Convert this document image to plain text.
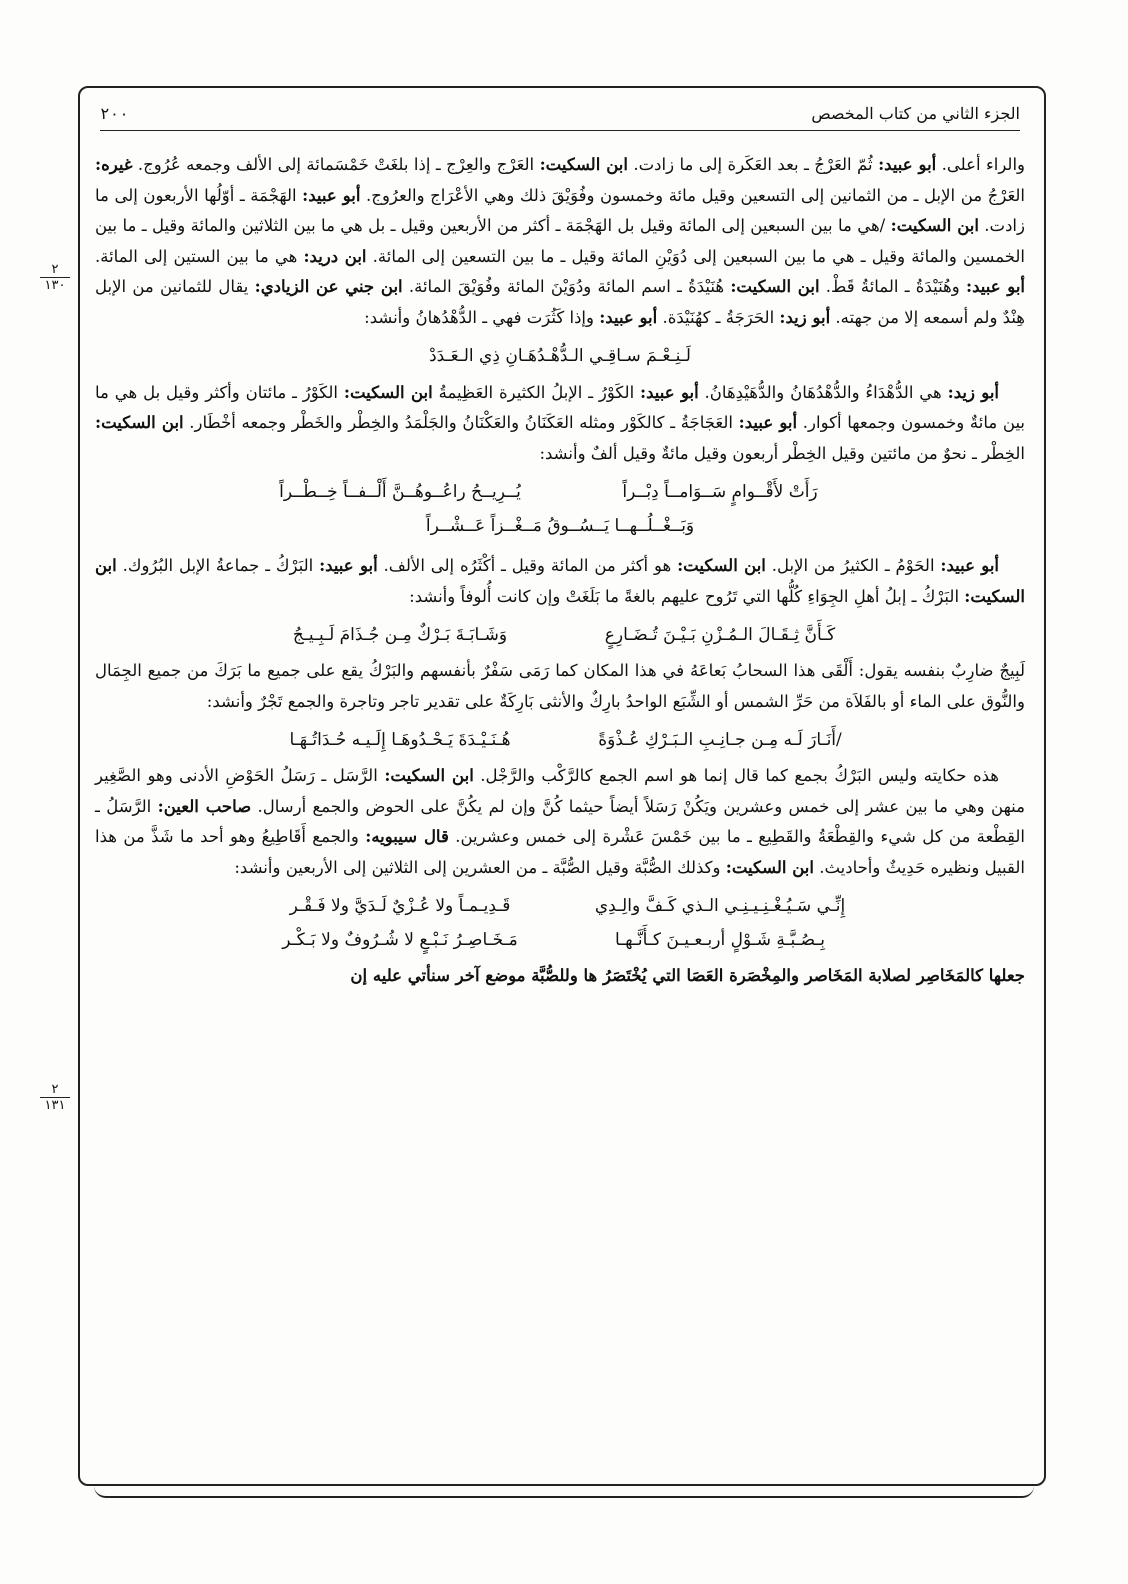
٢٠٠	الجزء الثاني من كتاب المخصص
٢
١٣٠
٢
١٣١

والراء أعلى. أبو عبيد: ثُمّ العَرْجُ ـ بعد العَكَرة إلى ما زادت. ابن السكيت: العَرْج والعِرْج ـ إذا بلغَتْ خَمْسَمائة إلى الألف وجمعه عُرُوج. غيره: العَرْجُ من الإبل ـ من الثمانين إلى التسعين وقيل مائة وخمسون وفُوَيْقَ ذلك وهي الأعْرَاج والعرُوج. أبو عبيد: الهَجْمَة ـ أوّلُها الأربعون إلى ما زادت. ابن السكيت: /هي ما بين السبعين إلى المائة وقيل بل الهَجْمَة ـ أكثر من الأربعين وقيل ـ بل هي ما بين الثلاثين والمائة وقيل ـ ما بين الخمسين والمائة وقيل ـ هي ما بين السبعين إلى دُوَيْنِ المائة وقيل ـ ما بين التسعين إلى المائة. ابن دريد: هي ما بين الستين إلى المائة. أبو عبيد: وهُنَيْدَةُ ـ المائةُ قَطْ. ابن السكيت: هُنَيْدَةُ ـ اسم المائة ودُوَيْنَ المائة وفُوَيْقَ المائة. ابن جني عن الزيادي: يقال للثمانين من الإبل هِنْدٌ ولم أسمعه إلا من جهته. أبو زيد: الحَرَجَةُ ـ كهُنَيْدَة. أبو عبيد: وإذا كَثُرَت فهي ـ الدُّهْدُهانُ وأنشد:

لَـنِـعْـمَ سـاقِـي الـدُّهْـدُهَـانِ ذِي الـعَـدَدْ

أبو زيد: هي الدُّهْدَاءُ والدُّهْدُهَانُ والدُّهَيْدِهَانُ. أبو عبيد: الكَوْرُ ـ الإبلُ الكثيرة العَظِيمةُ ابن السكيت: الكَوْرُ ـ مائتان وأكثر وقيل بل هي ما بين مائةٌ وخمسون وجمعها أكوار. أبو عبيد: العَجَاجَةُ ـ كالكَوْر ومثله العَكَنَانُ والعَكْنَانُ والجَلْمَدُ والخِطْر والخَطْر وجمعه أخْطَار. ابن السكيت: الخِطْر ـ نحوٌ من مائتين وقيل الخِطْر أربعون وقيل مائةٌ وقيل ألفٌ وأنشد:

رَأَتْ لأَقْــوامٍ سَــوَامــاً دِبْــراً
يُــرِيــحُ راعُــوهُــنَّ أَلْــفــاً خِــطْــراً
وَبَــغْــلُــهــا يَــسُــوقُ مَــغْــزاً عَــشْــراً

أبو عبيد: الحَوْمُ ـ الكثيرُ من الإبل. ابن السكيت: هو أكثر من المائة وقيل ـ أكْثَرُه إلى الألف. أبو عبيد: البَرْكُ ـ جماعةُ الإبل البُرُوك. ابن السكيت: البَرْكُ ـ إبلُ أهلِ الجِوَاءِ كُلُّها التي تَرُوح عليهم بالغةً ما بَلَغَتْ وإن كانت أُلوفاً وأنشد:

كَـأَنَّ ثِـقَـالَ الـمُـزْنِ بَـيْـنَ تُـضَـارِعٍ
وَشَـابَـةَ بَـرْكٌ مِـن جُـذَامَ لَـبِـيـجُ

لَبِيجٌ ضارِبٌ بنفسه يقول: أَلْقَى هذا السحابُ بَعاعَهُ في هذا المكان كما رَمَى سَفْرٌ بأنفسهم والبَرْكُ يقع على جميع ما بَرَكَ من جميع الجِمَال والنُّوق على الماء أو بالفَلاَة من حَرِّ الشمس أو الشِّبَع الواحدُ بارِكٌ والأنثى بَارِكَةٌ على تقدير تاجر وتاجرة والجمع تَجْرٌ وأنشد:

/أَنَـارَ لَـه مِـن جـانِـبِ الـبَـرْكِ عُـذْوَةً
هُـنَـيْـدَةَ يَـحْـدُوهَـا إِلَـيـه حُـدَاتُـهَـا

هذه حكايته وليس البَرْكُ بجمع كما قال إنما هو اسم الجمع كالرَّكْب والرَّجْل. ابن السكيت: الرَّسَل ـ رَسَلُ الحَوْضِ الأدنى وهو الصَّغِير منهن وهي ما بين عشر إلى خمس وعشرين ويَكُنْ رَسَلاً أيضاً حيثما كُنَّ وإن لم يكُنَّ على الحوض والجمع أرسال. صاحب العين: الرَّسَلُ ـ القِطْعة من كل شيء والقِطْعَةُ والقَطِيع ـ ما بين خَمْسَ عَشْرة إلى خمس وعشرين. قال سيبويه: والجمع أَقَاطِيعُ وهو أحد ما شَذَّ من هذا القبيل ونظيره حَدِيثٌ وأحاديث. ابن السكيت: وكذلك الصُّبَّة وقيل الصُّبَّة ـ من العشرين إلى الثلاثين إلى الأربعين وأنشد:

إِنِّـي سَـيُـغْـنِـيـنِـي الـذي كَـفَّ والِـدِي
قَـدِيـمـاً ولا عُـزْيٌ لَـدَيَّ ولا فَـقْـر
بِـصُـبَّـةِ شَـوْلٍ أربـعـيـنَ كـأَنَّـهـا
مَـخَـاصِـرُ نَـبْـعٍ لا شُـرُوفٌ ولا بَـكْـر

جعلها كالمَخَاصِر لصلابة المَخَاصر والمِخْصَرة العَصَا التي يُخْتَصَرُ ها وللصُّبَّة موضع آخر سنأتي عليه إن
